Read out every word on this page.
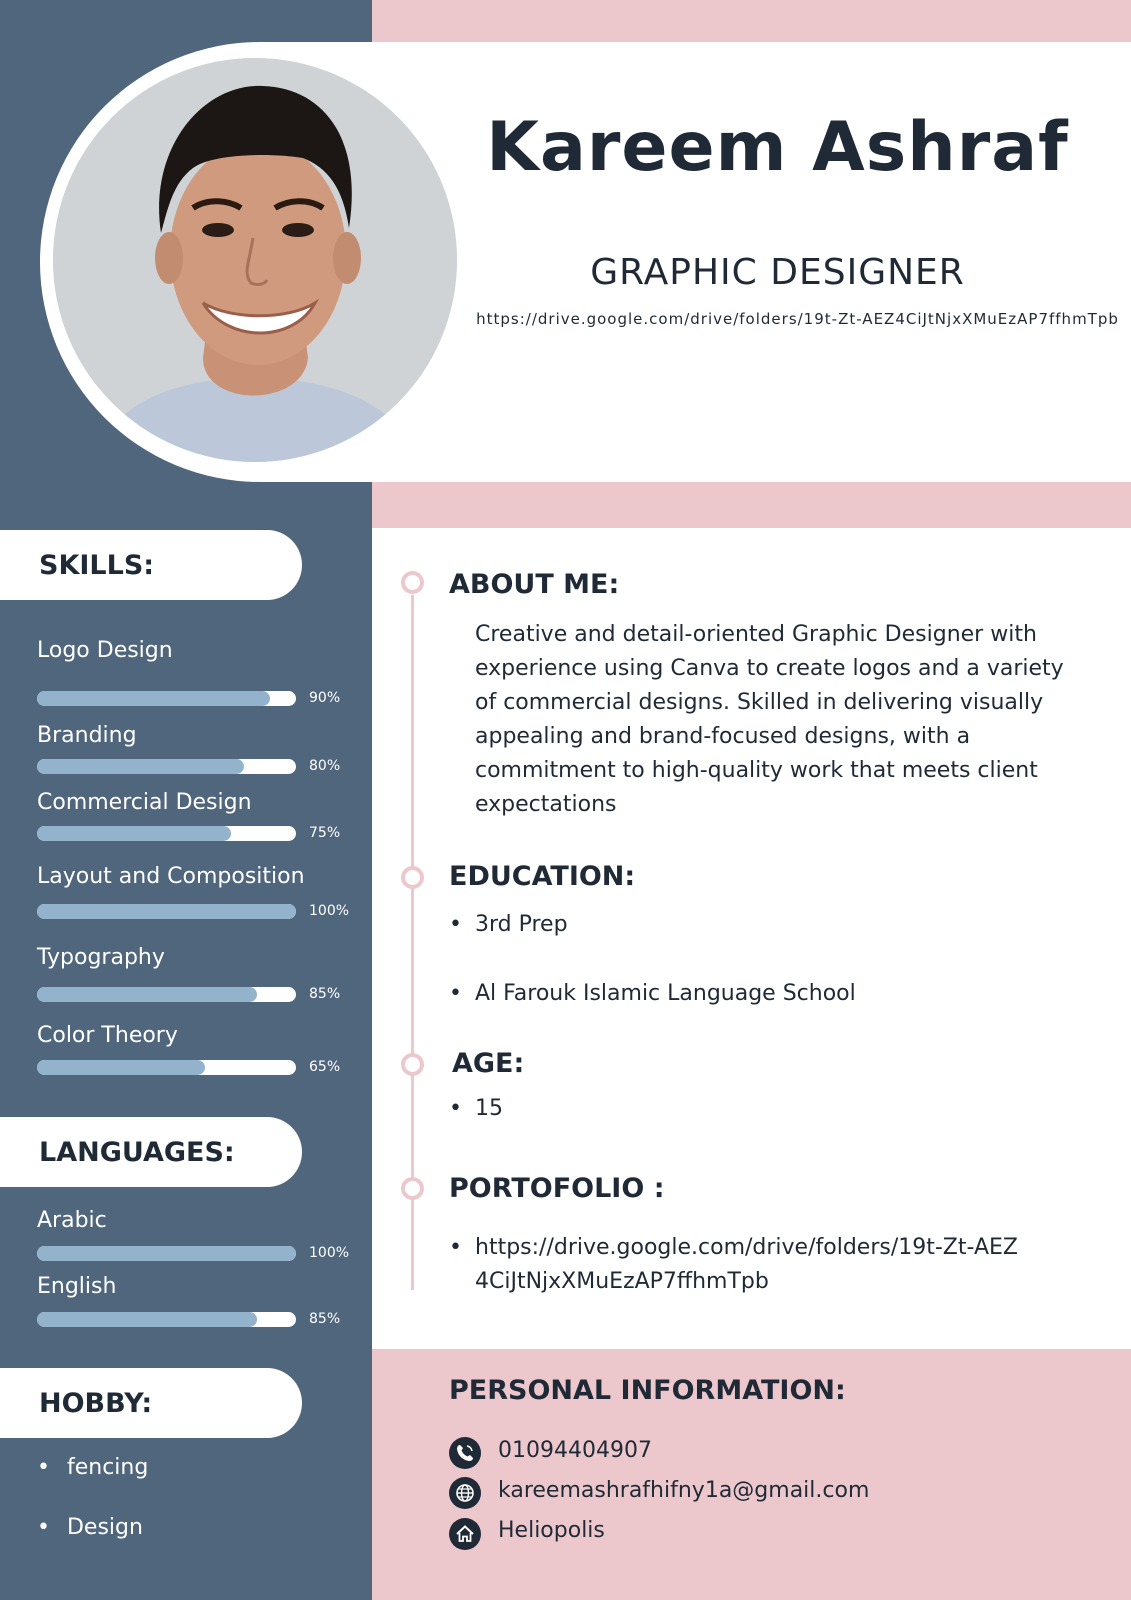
Kareem Ashraf
GRAPHIC DESIGNER
https://drive.google.com/drive/folders/19t-Zt-AEZ4CiJtNjxXMuEzAP7ffhmTpb
SKILLS:
Logo Design
90%
Branding
80%
Commercial Design
75%
Layout and Composition
100%
Typography
85%
Color Theory
65%
LANGUAGES:
Arabic
100%
English
85%
HOBBY:
• fencing
• Design
ABOUT ME:
Creative and detail-oriented Graphic Designer with experience using Canva to create logos and a variety of commercial designs. Skilled in delivering visually appealing and brand-focused designs, with a commitment to high-quality work that meets client expectations
EDUCATION:
• 3rd Prep
• Al Farouk Islamic Language School
AGE:
• 15
PORTOFOLIO :
• https://drive.google.com/drive/folders/19t-Zt-AEZ4CiJtNjxXMuEzAP7ffhmTpb
PERSONAL INFORMATION:
01094404907
kareemashrafhifny1a@gmail.com
Heliopolis
